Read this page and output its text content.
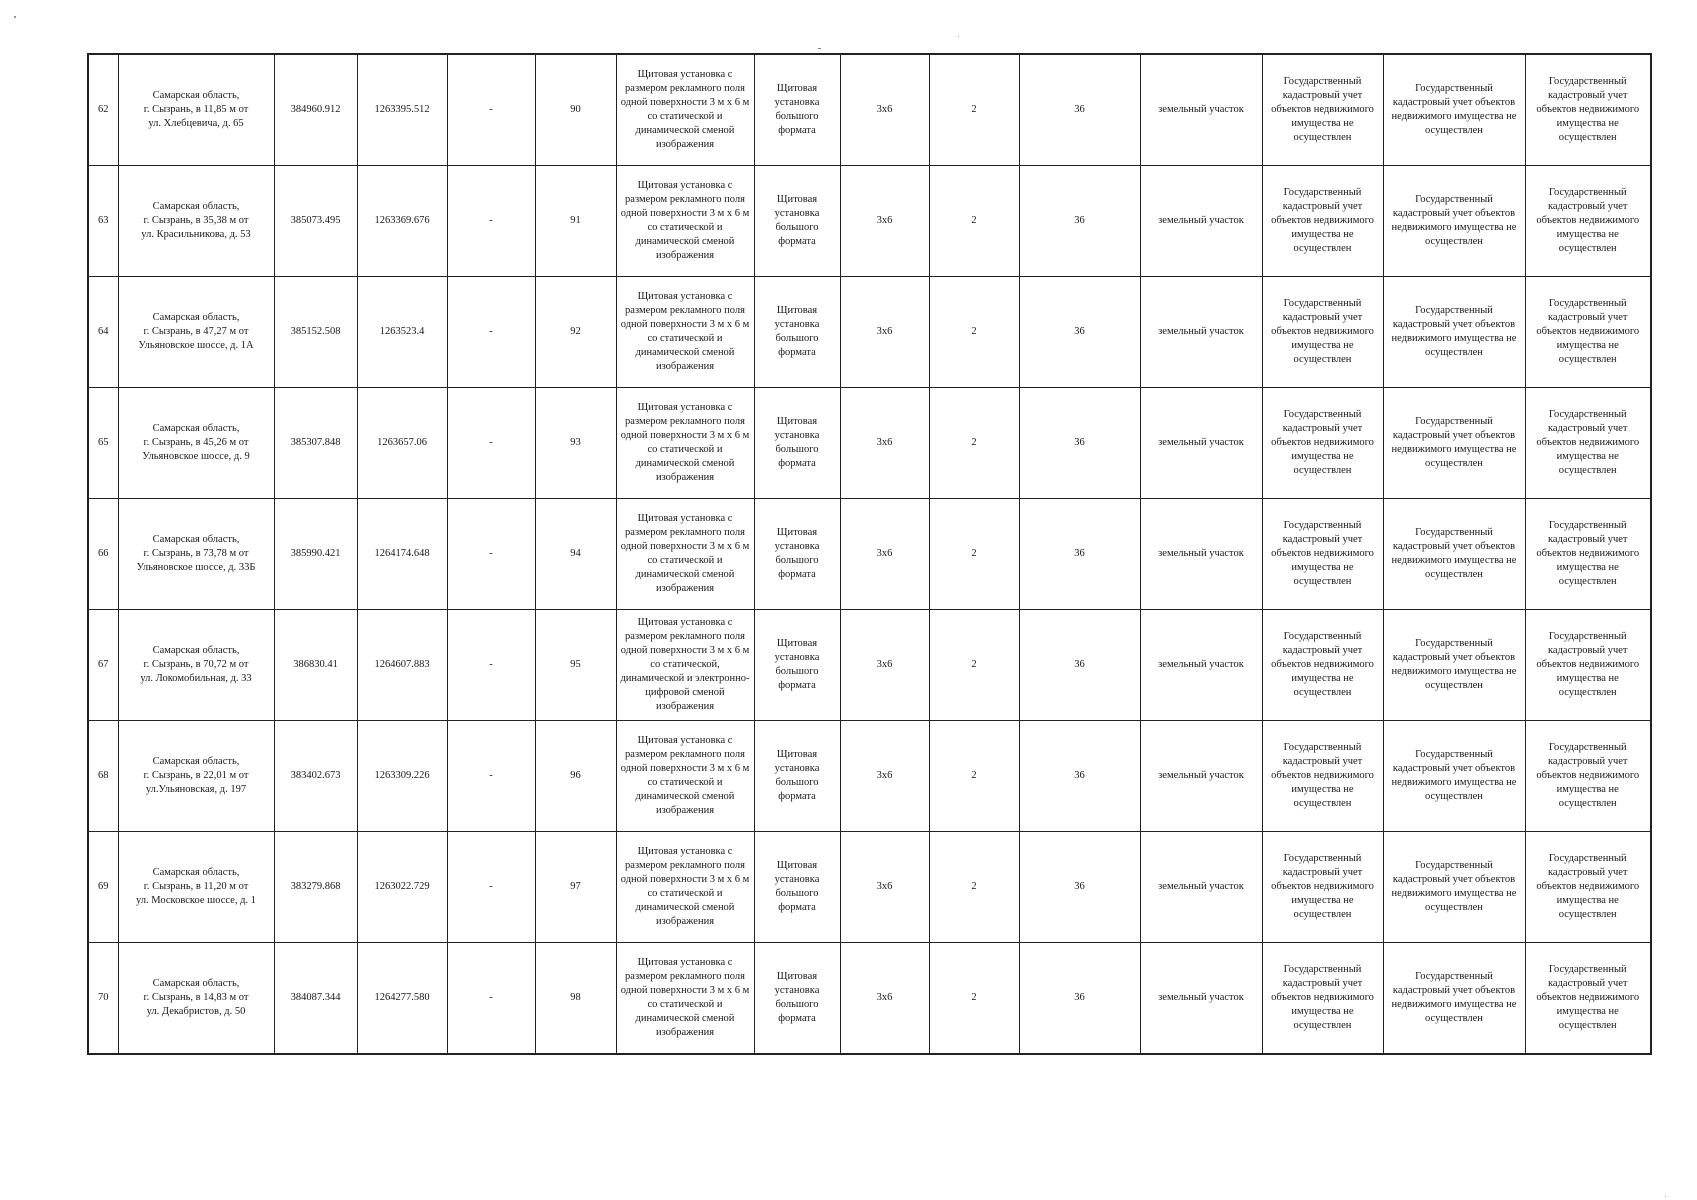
62	Самарская область,
г. Сызрань, в 11,85 м от
ул. Хлебцевича, д. 65	384960.912	1263395.512	-	90	Щитовая установка с размером рекламного поля одной поверхности 3 м х 6 м со статической и динамической сменой изображения	Щитовая установка большого формата	3х6	2	36	земельный участок	Государственный кадастровый учет объектов недвижимого имущества не осуществлен	Государственный кадастровый учет объектов недвижимого имущества не осуществлен	Государственный кадастровый учет объектов недвижимого имущества не осуществлен
63	Самарская область,
г. Сызрань, в 35,38 м от
ул. Красильникова, д. 53	385073.495	1263369.676	-	91	Щитовая установка с размером рекламного поля одной поверхности 3 м х 6 м со статической и динамической сменой изображения	Щитовая установка большого формата	3х6	2	36	земельный участок	Государственный кадастровый учет объектов недвижимого имущества не осуществлен	Государственный кадастровый учет объектов недвижимого имущества не осуществлен	Государственный кадастровый учет объектов недвижимого имущества не осуществлен
64	Самарская область,
г. Сызрань, в 47,27 м от
Ульяновское шоссе, д. 1А	385152.508	1263523.4	-	92	Щитовая установка с размером рекламного поля одной поверхности 3 м х 6 м со статической и динамической сменой изображения	Щитовая установка большого формата	3х6	2	36	земельный участок	Государственный кадастровый учет объектов недвижимого имущества не осуществлен	Государственный кадастровый учет объектов недвижимого имущества не осуществлен	Государственный кадастровый учет объектов недвижимого имущества не осуществлен
65	Самарская область,
г. Сызрань, в 45,26 м от
Ульяновское шоссе, д. 9	385307.848	1263657.06	-	93	Щитовая установка с размером рекламного поля одной поверхности 3 м х 6 м со статической и динамической сменой изображения	Щитовая установка большого формата	3х6	2	36	земельный участок	Государственный кадастровый учет объектов недвижимого имущества не осуществлен	Государственный кадастровый учет объектов недвижимого имущества не осуществлен	Государственный кадастровый учет объектов недвижимого имущества не осуществлен
66	Самарская область,
г. Сызрань, в 73,78 м от
Ульяновское шоссе, д. 33Б	385990.421	1264174.648	-	94	Щитовая установка с размером рекламного поля одной поверхности 3 м х 6 м со статической и динамической сменой изображения	Щитовая установка большого формата	3х6	2	36	земельный участок	Государственный кадастровый учет объектов недвижимого имущества не осуществлен	Государственный кадастровый учет объектов недвижимого имущества не осуществлен	Государственный кадастровый учет объектов недвижимого имущества не осуществлен
67	Самарская область,
г. Сызрань, в 70,72 м от
ул. Локомобильная, д. 33	386830.41	1264607.883	-	95	Щитовая установка с размером рекламного поля одной поверхности 3 м х 6 м со статической, динамической и электронно-цифровой сменой изображения	Щитовая установка большого формата	3х6	2	36	земельный участок	Государственный кадастровый учет объектов недвижимого имущества не осуществлен	Государственный кадастровый учет объектов недвижимого имущества не осуществлен	Государственный кадастровый учет объектов недвижимого имущества не осуществлен
68	Самарская область,
г. Сызрань, в 22,01 м от
ул.Ульяновская, д. 197	383402.673	1263309.226	-	96	Щитовая установка с размером рекламного поля одной поверхности 3 м х 6 м со статической и динамической сменой изображения	Щитовая установка большого формата	3х6	2	36	земельный участок	Государственный кадастровый учет объектов недвижимого имущества не осуществлен	Государственный кадастровый учет объектов недвижимого имущества не осуществлен	Государственный кадастровый учет объектов недвижимого имущества не осуществлен
69	Самарская область,
г. Сызрань, в 11,20 м от
ул. Московское шоссе, д. 1	383279.868	1263022.729	-	97	Щитовая установка с размером рекламного поля одной поверхности 3 м х 6 м со статической и динамической сменой изображения	Щитовая установка большого формата	3х6	2	36	земельный участок	Государственный кадастровый учет объектов недвижимого имущества не осуществлен	Государственный кадастровый учет объектов недвижимого имущества не осуществлен	Государственный кадастровый учет объектов недвижимого имущества не осуществлен
70	Самарская область,
г. Сызрань, в 14,83 м от
ул. Декабристов, д. 50	384087.344	1264277.580	-	98	Щитовая установка с размером рекламного поля одной поверхности 3 м х 6 м со статической и динамической сменой изображения	Щитовая установка большого формата	3х6	2	36	земельный участок	Государственный кадастровый учет объектов недвижимого имущества не осуществлен	Государственный кадастровый учет объектов недвижимого имущества не осуществлен	Государственный кадастровый учет объектов недвижимого имущества не осуществлен
